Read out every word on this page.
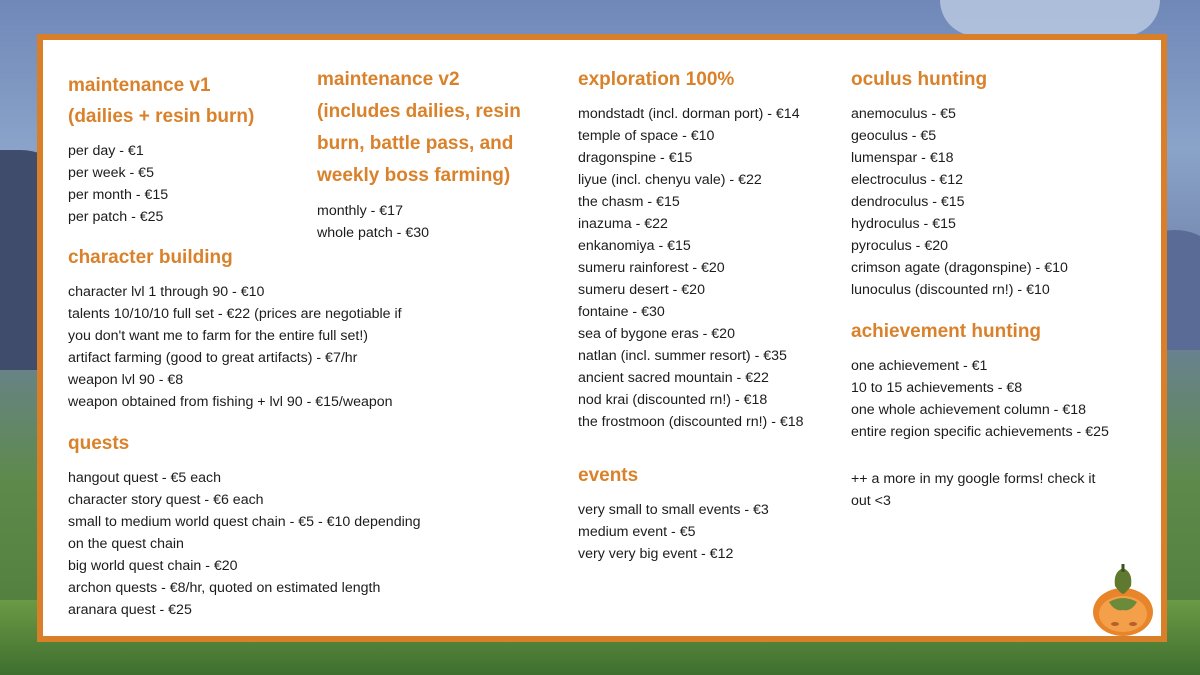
maintenance v1
(dailies + resin burn)
per day - €1
per week - €5
per month - €15
per patch - €25
maintenance v2
(includes dailies, resin
burn, battle pass, and
weekly boss farming)
monthly - €17
whole patch - €30
character building
character lvl 1 through 90 - €10
talents 10/10/10 full set - €22 (prices are negotiable if
you don't want me to farm for the entire full set!)
artifact farming (good to great artifacts) - €7/hr
weapon lvl 90 - €8
weapon obtained from fishing + lvl 90 - €15/weapon
quests
hangout quest - €5 each
character story quest - €6 each
small to medium world quest chain - €5 - €10 depending
on the quest chain
big world quest chain - €20
archon quests - €8/hr, quoted on estimated length
aranara quest - €25
exploration 100%
mondstadt (incl. dorman port) - €14
temple of space - €10
dragonspine - €15
liyue (incl. chenyu vale) - €22
the chasm - €15
inazuma - €22
enkanomiya - €15
sumeru rainforest - €20
sumeru desert - €20
fontaine - €30
sea of bygone eras - €20
natlan (incl. summer resort) - €35
ancient sacred mountain - €22
nod krai (discounted rn!) - €18
the frostmoon (discounted rn!) - €18
events
very small to small events - €3
medium event - €5
very very big event - €12
oculus hunting
anemoculus - €5
geoculus - €5
lumenspar - €18
electroculus - €12
dendroculus - €15
hydroculus - €15
pyroculus - €20
crimson agate (dragonspine) - €10
lunoculus (discounted rn!) - €10
achievement hunting
one achievement - €1
10 to 15 achievements - €8
one whole achievement column - €18
entire region specific achievements - €25
++ a more in my google forms! check it
out <3
